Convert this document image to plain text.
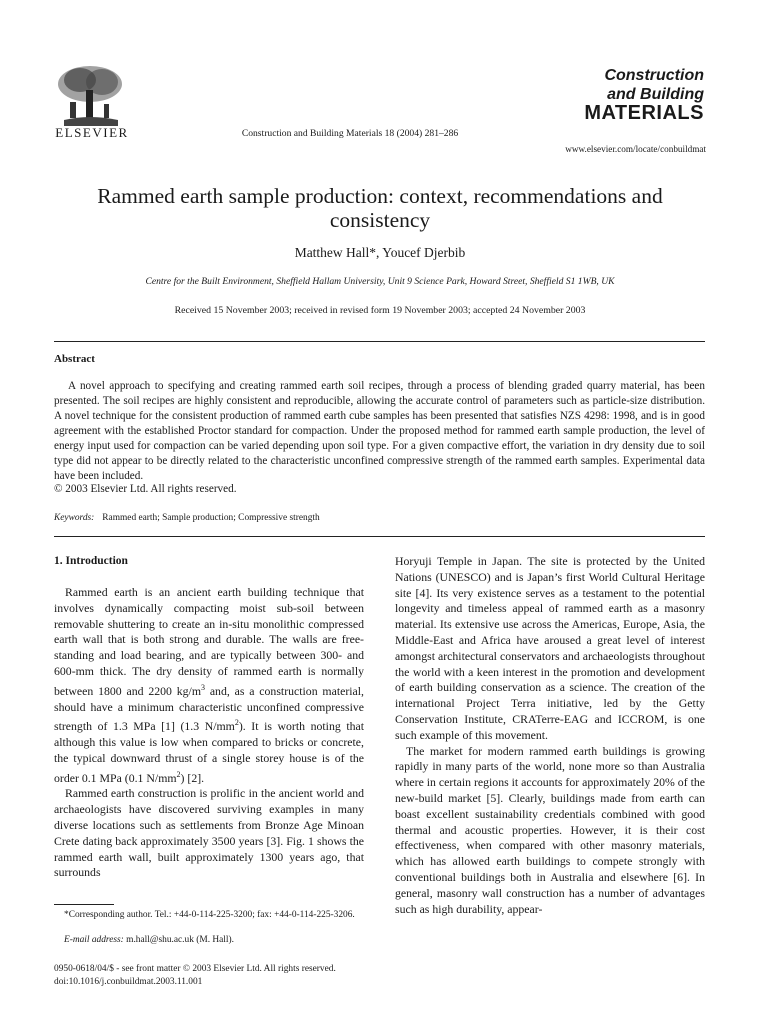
ELSEVIER	Construction and Building Materials 18 (2004) 281–286
Construction
and Building
MATERIALS
www.elsevier.com/locate/conbuildmat
Rammed earth sample production: context, recommendations and
consistency
Matthew Hall*, Youcef Djerbib
Centre for the Built Environment, Sheffield Hallam University, Unit 9 Science Park, Howard Street, Sheffield S1 1WB, UK
Received 15 November 2003; received in revised form 19 November 2003; accepted 24 November 2003
Abstract
A novel approach to specifying and creating rammed earth soil recipes, through a process of blending graded quarry material, has been presented. The soil recipes are highly consistent and reproducible, allowing the accurate control of parameters such as particle-size distribution. A novel technique for the consistent production of rammed earth cube samples has been presented that satisfies NZS 4298: 1998, and is in good agreement with the established Proctor standard for compaction. Under the proposed method for rammed earth sample production, the level of energy input used for compaction can be varied depending upon soil type. For a given compactive effort, the variation in dry density due to soil type did not appear to be directly related to the characteristic unconfined compressive strength of the rammed earth samples. Experimental data have been included.
© 2003 Elsevier Ltd. All rights reserved.
Keywords: Rammed earth; Sample production; Compressive strength
1. Introduction

Rammed earth is an ancient earth building technique that involves dynamically compacting moist sub-soil between removable shuttering to create an in-situ monolithic compressed earth wall that is both strong and durable. The walls are free-standing and load bearing, and are typically between 300- and 600-mm thick. The dry density of rammed earth is normally between 1800 and 2200 $kg/m^3$ and, as a construction material, should have a minimum characteristic unconfined compressive strength of 1.3 MPa [1] (1.3 $N/mm^2$). It is worth noting that although this value is low when compared to bricks or concrete, the typical downward thrust of a single storey house is of the order 0.1 MPa (0.1 $N/mm^2$) [2].

Rammed earth construction is prolific in the ancient world and archaeologists have discovered surviving examples in many diverse locations such as settlements from Bronze Age Minoan Crete dating back approximately 3500 years [3]. Fig. 1 shows the rammed earth wall, built approximately 1300 years ago, that surrounds

Horyuji Temple in Japan. The site is protected by the United Nations (UNESCO) and is Japan’s first World Cultural Heritage site [4]. Its very existence serves as a testament to the potential longevity and timeless appeal of rammed earth as a masonry material. Its extensive use across the Americas, Europe, Asia, the Middle-East and Africa have aroused a great level of interest amongst architectural conservators and archaeologists throughout the world with a keen interest in the promotion and development of earth building conservation as a science. The creation of the international Project Terra initiative, led by the Getty Conservation Institute, CRATerre-EAG and ICCROM, is one such example of this movement.

The market for modern rammed earth buildings is growing rapidly in many parts of the world, none more so than Australia where in certain regions it accounts for approximately 20% of the new-build market [5]. Clearly, buildings made from earth can boast excellent sustainability credentials combined with good thermal and acoustic properties. However, it is their cost effectiveness, when compared with other masonry materials, which has allowed earth buildings to compete strongly with conventional buildings both in Australia and elsewhere [6]. In general, masonry wall construction has a number of advantages such as high durability, appear-

*Corresponding author. Tel.: +44-0-114-225-3200; fax: +44-0-114-225-3206.
E-mail address: m.hall@shu.ac.uk (M. Hall).
0950-0618/04/$ - see front matter © 2003 Elsevier Ltd. All rights reserved.
doi:10.1016/j.conbuildmat.2003.11.001
